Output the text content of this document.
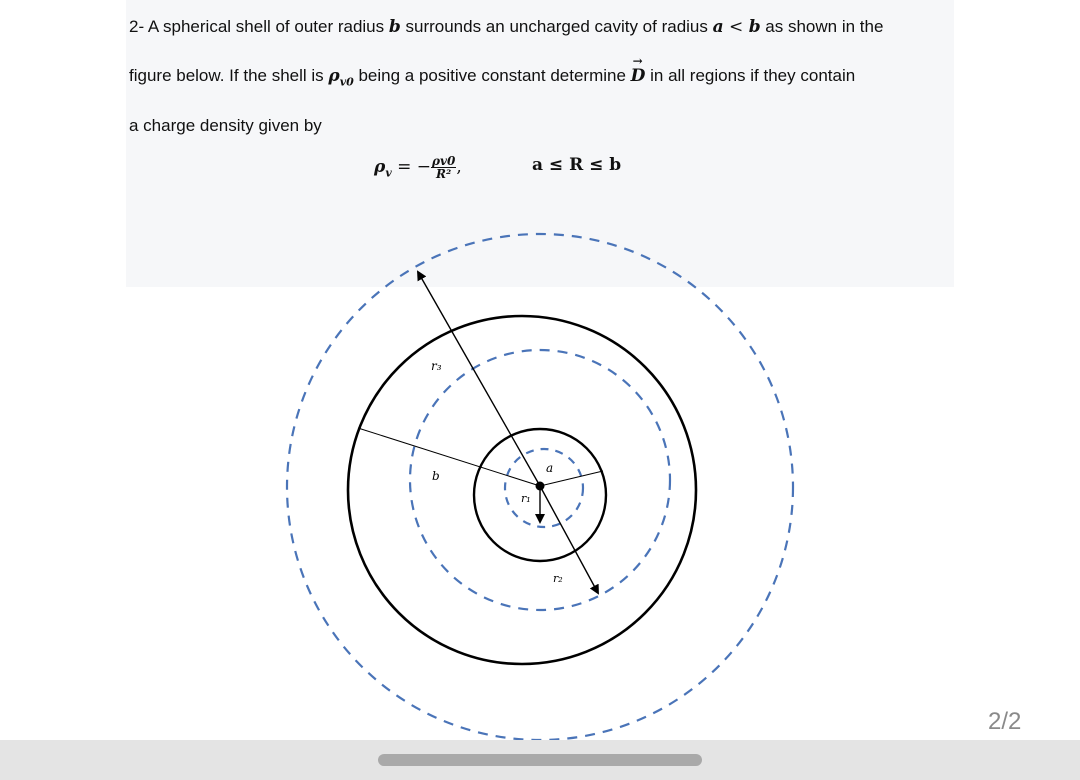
2- A spherical shell of outer radius b surrounds an uncharged cavity of radius a < b as shown in the
figure below. If the shell is $\rho_{v0}$ being a positive constant determine D
→
in all regions if they contain
a charge density given by
$\rho_v$ = − $\frac{\rho v0}{\text{R²}}$ ,	a ≤ R ≤ b
r₃
b
a
r₁
r₂
2/2
